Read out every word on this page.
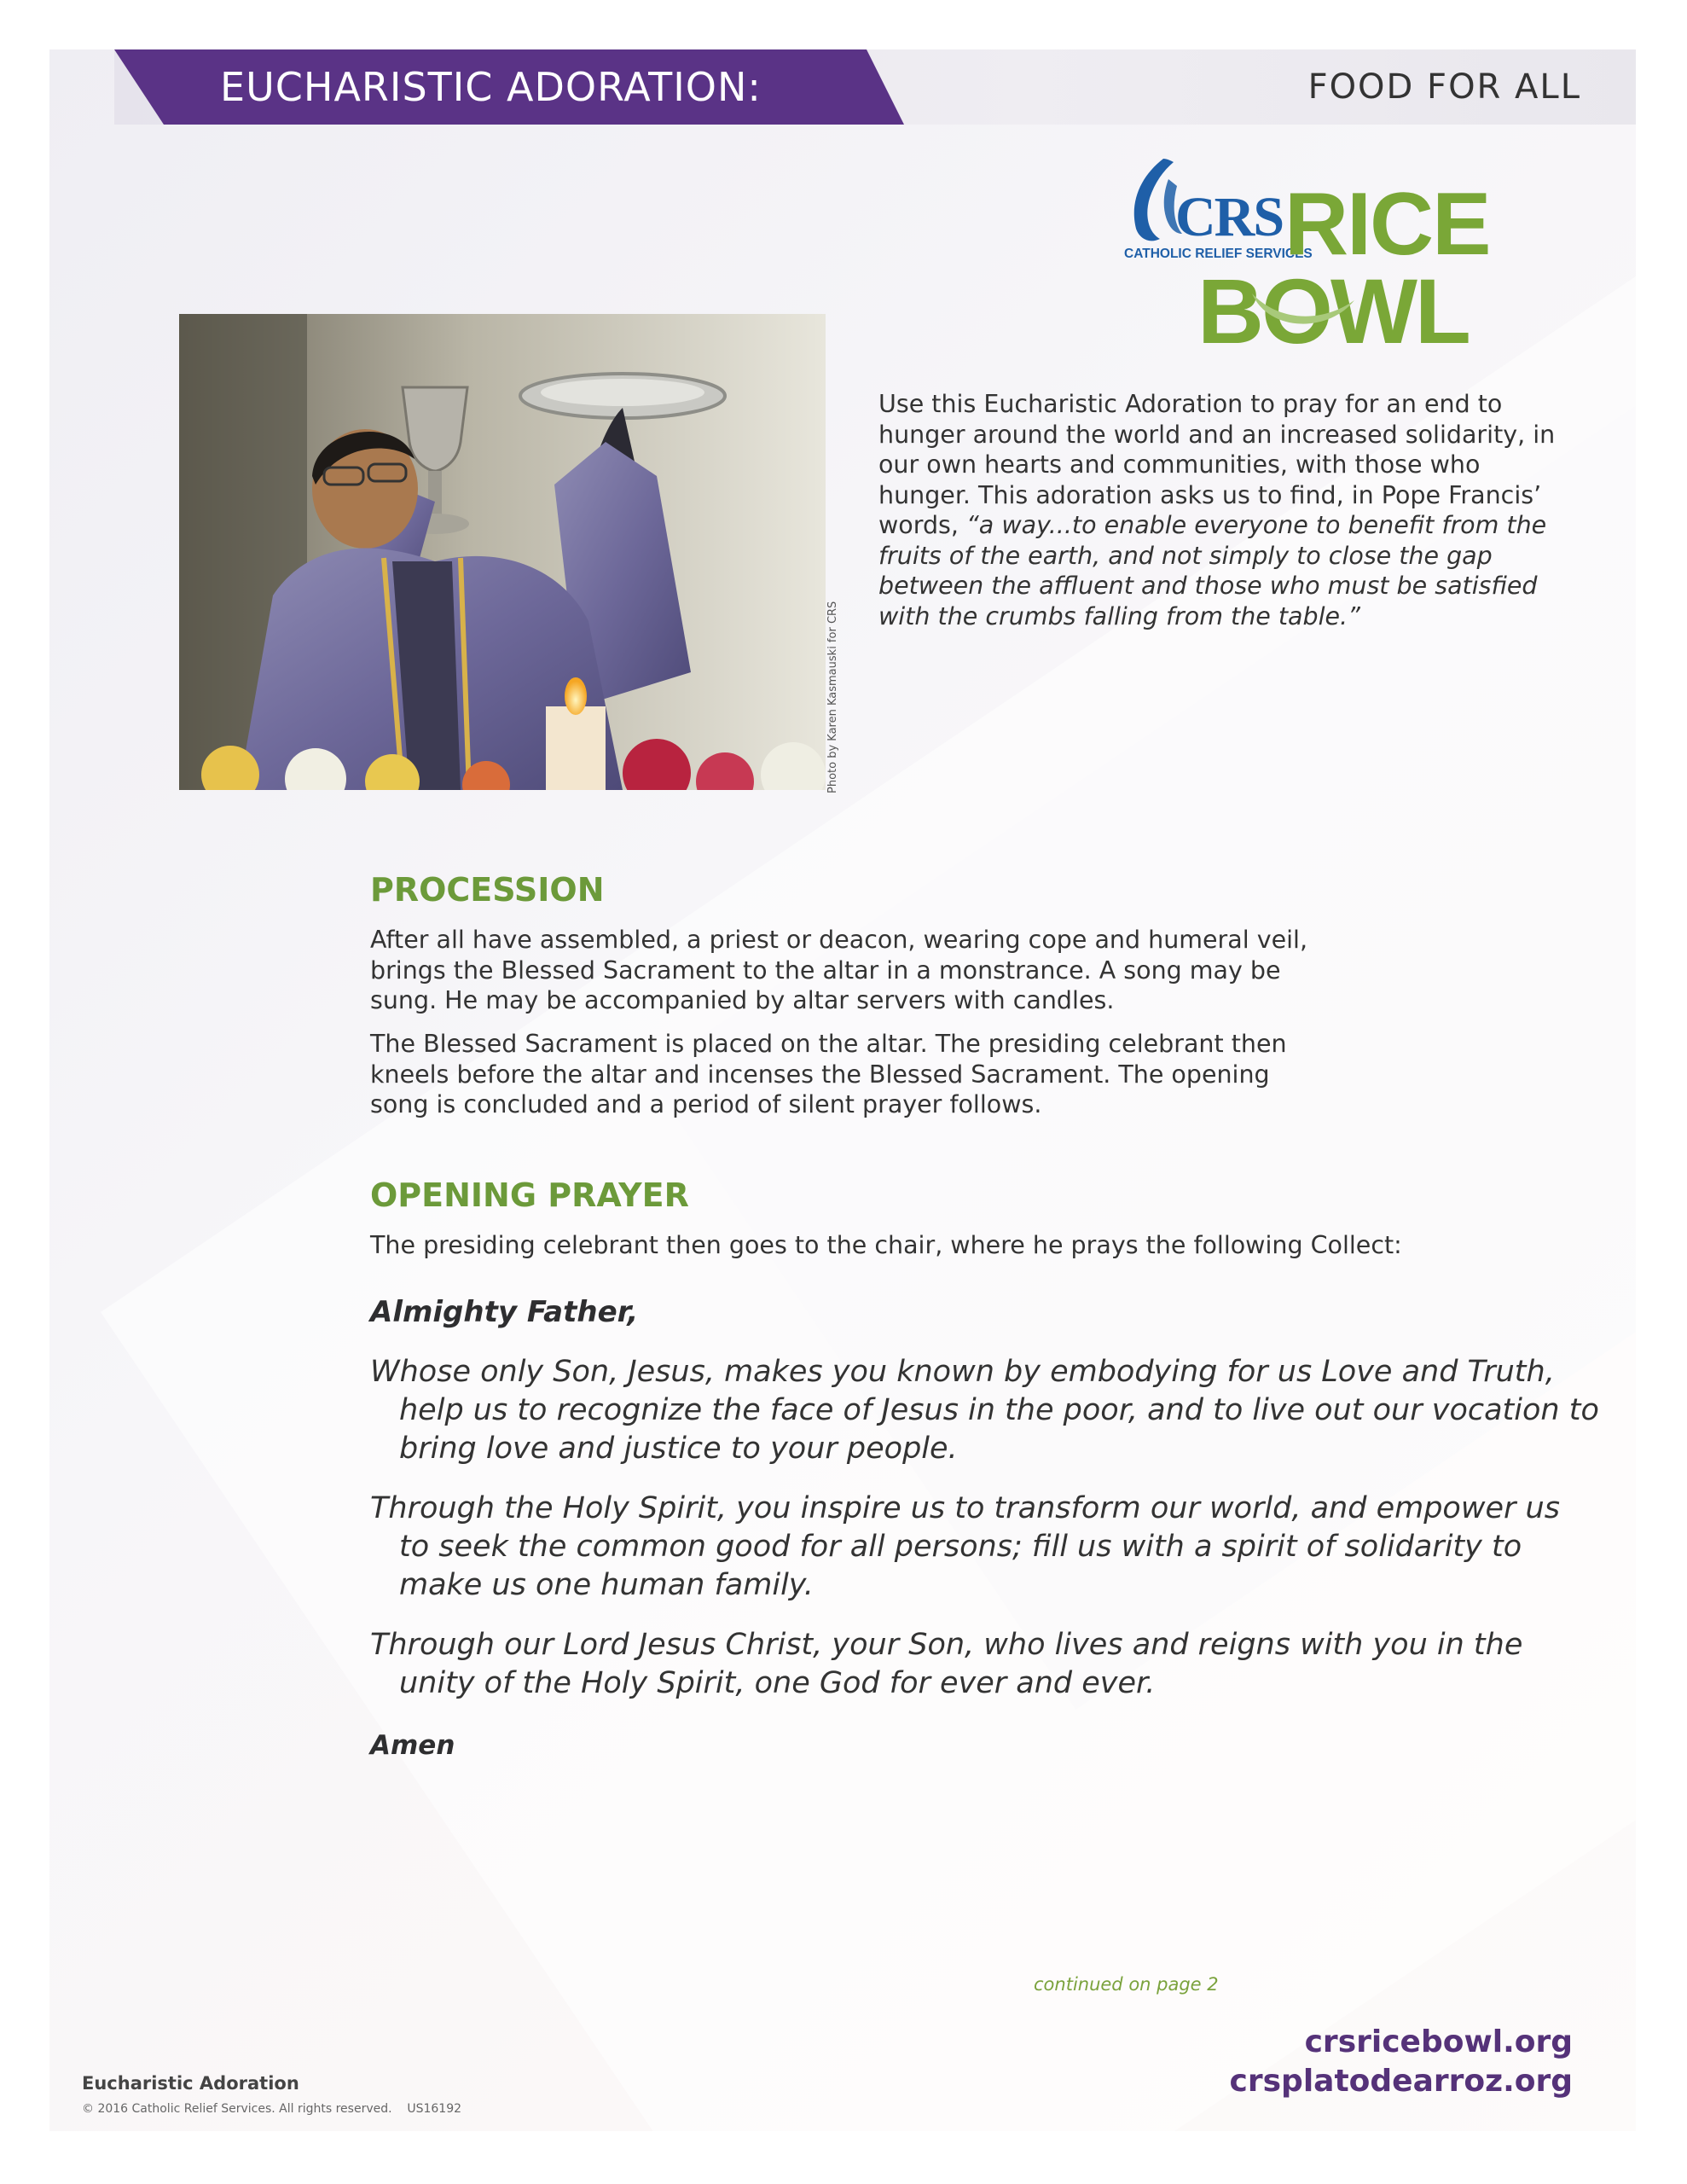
EUCHARISTIC ADORATION:	FOOD FOR ALL
CRS
CATHOLIC RELIEF SERVICES
RICE
BOWL
Photo by Karen Kasmauski for CRS
Use this Eucharistic Adoration to pray for an end to hunger around the world and an increased solidarity, in our own hearts and communities, with those who hunger. This adoration asks us to find, in Pope Francis’ words, “a way...to enable everyone to benefit from the fruits of the earth, and not simply to close the gap between the affluent and those who must be satisfied with the crumbs falling from the table.”
PROCESSION
After all have assembled, a priest or deacon, wearing cope and humeral veil, brings the Blessed Sacrament to the altar in a monstrance. A song may be sung. He may be accompanied by altar servers with candles.
The Blessed Sacrament is placed on the altar. The presiding celebrant then kneels before the altar and incenses the Blessed Sacrament. The opening song is concluded and a period of silent prayer follows.
OPENING PRAYER
The presiding celebrant then goes to the chair, where he prays the following Collect:
Almighty Father,
Whose only Son, Jesus, makes you known by embodying for us Love and Truth, help us to recognize the face of Jesus in the poor, and to live out our vocation to bring love and justice to your people.
Through the Holy Spirit, you inspire us to transform our world, and empower us to seek the common good for all persons; fill us with a spirit of solidarity to make us one human family.
Through our Lord Jesus Christ, your Son, who lives and reigns with you in the unity of the Holy Spirit, one God for ever and ever.
Amen
continued on page 2
crsricebowl.org
crsplatodearroz.org
Eucharistic Adoration
© 2016 Catholic Relief Services. All rights reserved.    US16192
